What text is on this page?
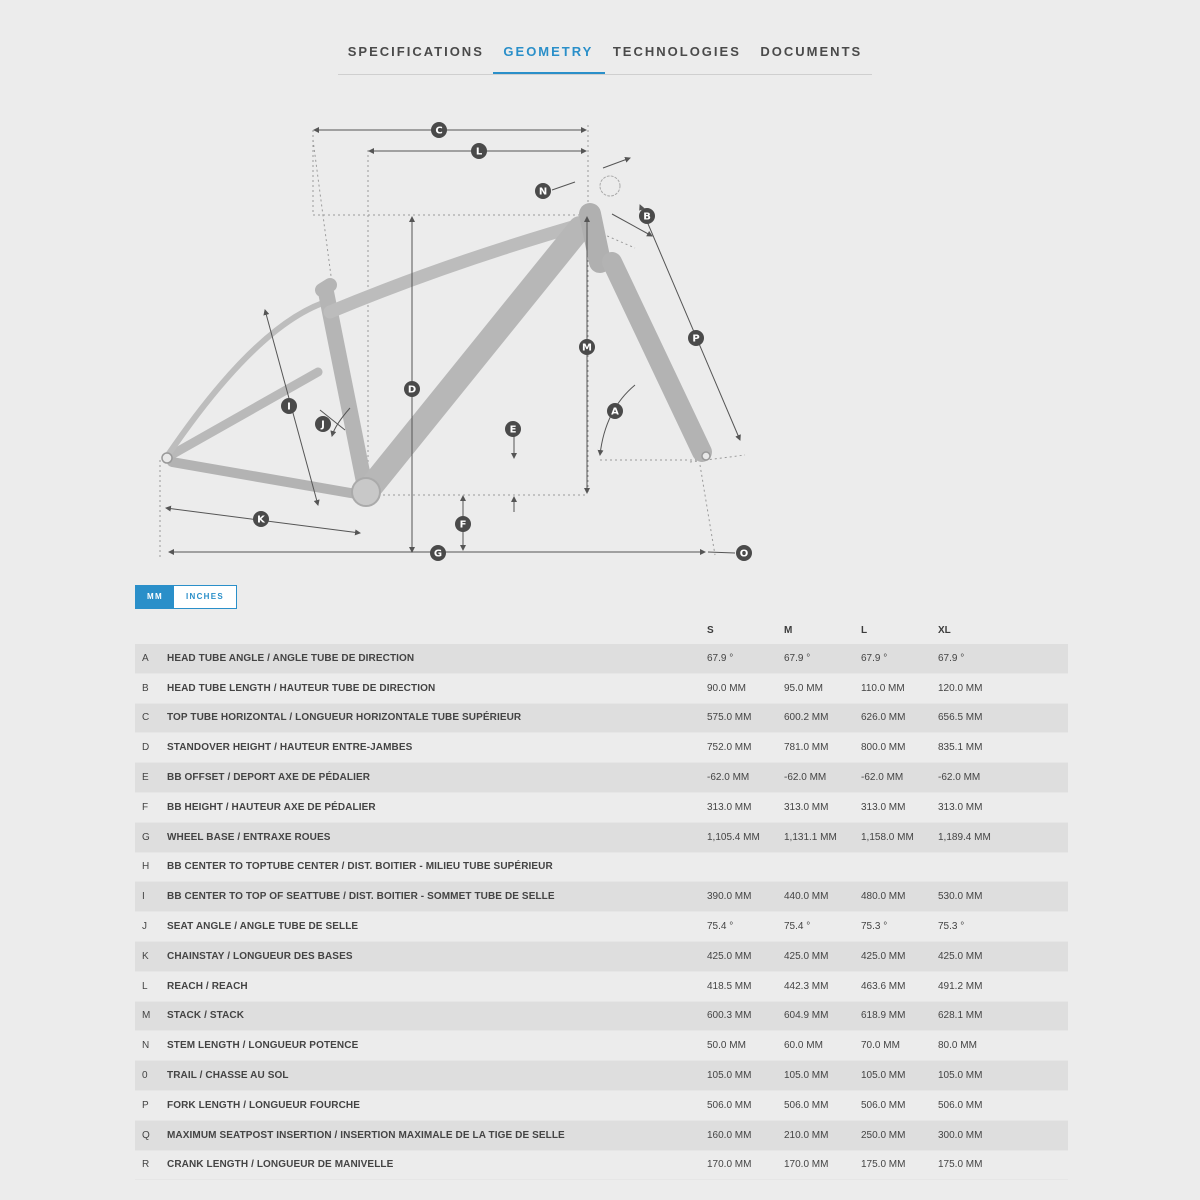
SPECIFICATIONS GEOMETRY TECHNOLOGIES DOCUMENTS
C
L
N
B
P
M
D
A
I
J	E
K	F
G	O
MM	INCHES
		S	M	L	XL
A	HEAD TUBE ANGLE / ANGLE TUBE DE DIRECTION	67.9 °	67.9 °	67.9 °	67.9 °
B	HEAD TUBE LENGTH / HAUTEUR TUBE DE DIRECTION	90.0 MM	95.0 MM	110.0 MM	120.0 MM
C	TOP TUBE HORIZONTAL / LONGUEUR HORIZONTALE TUBE SUPÉRIEUR	575.0 MM	600.2 MM	626.0 MM	656.5 MM
D	STANDOVER HEIGHT / HAUTEUR ENTRE-JAMBES	752.0 MM	781.0 MM	800.0 MM	835.1 MM
E	BB OFFSET / DEPORT AXE DE PÉDALIER	-62.0 MM	-62.0 MM	-62.0 MM	-62.0 MM
F	BB HEIGHT / HAUTEUR AXE DE PÉDALIER	313.0 MM	313.0 MM	313.0 MM	313.0 MM
G	WHEEL BASE / ENTRAXE ROUES	1,105.4 MM	1,131.1 MM	1,158.0 MM	1,189.4 MM
H	BB CENTER TO TOPTUBE CENTER / DIST. BOITIER - MILIEU TUBE SUPÉRIEUR				
I	BB CENTER TO TOP OF SEATTUBE / DIST. BOITIER - SOMMET TUBE DE SELLE	390.0 MM	440.0 MM	480.0 MM	530.0 MM
J	SEAT ANGLE / ANGLE TUBE DE SELLE	75.4 °	75.4 °	75.3 °	75.3 °
K	CHAINSTAY / LONGUEUR DES BASES	425.0 MM	425.0 MM	425.0 MM	425.0 MM
L	REACH / REACH	418.5 MM	442.3 MM	463.6 MM	491.2 MM
M	STACK / STACK	600.3 MM	604.9 MM	618.9 MM	628.1 MM
N	STEM LENGTH / LONGUEUR POTENCE	50.0 MM	60.0 MM	70.0 MM	80.0 MM
0	TRAIL / CHASSE AU SOL	105.0 MM	105.0 MM	105.0 MM	105.0 MM
P	FORK LENGTH / LONGUEUR FOURCHE	506.0 MM	506.0 MM	506.0 MM	506.0 MM
Q	MAXIMUM SEATPOST INSERTION / INSERTION MAXIMALE DE LA TIGE DE SELLE	160.0 MM	210.0 MM	250.0 MM	300.0 MM
R	CRANK LENGTH / LONGUEUR DE MANIVELLE	170.0 MM	170.0 MM	175.0 MM	175.0 MM
